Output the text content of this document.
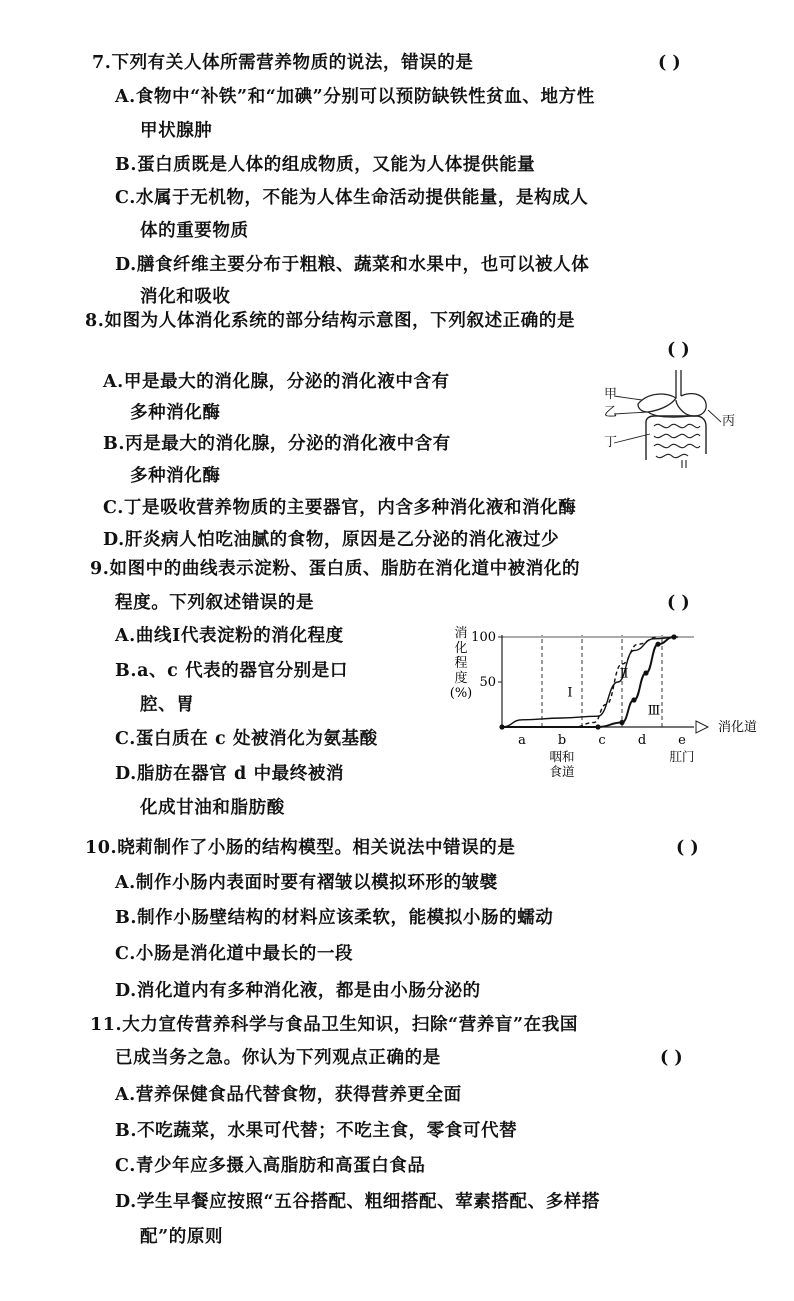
7.下列有关人体所需营养物质的说法，错误的是	( )
A.食物中“补铁”和“加碘”分别可以预防缺铁性贫血、地方性
甲状腺肿
B.蛋白质既是人体的组成物质，又能为人体提供能量
C.水属于无机物，不能为人体生命活动提供能量，是构成人
体的重要物质
D.膳食纤维主要分布于粗粮、蔬菜和水果中，也可以被人体
消化和吸收
8.如图为人体消化系统的部分结构示意图，下列叙述正确的是
( )
A.甲是最大的消化腺，分泌的消化液中含有
多种消化酶
B.丙是最大的消化腺，分泌的消化液中含有
多种消化酶
C.丁是吸收营养物质的主要器官，内含多种消化液和消化酶
D.肝炎病人怕吃油腻的食物，原因是乙分泌的消化液过少
甲
乙
丙
丁
9.如图中的曲线表示淀粉、蛋白质、脂肪在消化道中被消化的
程度。下列叙述错误的是	( )
A.曲线Ⅰ代表淀粉的消化程度
B.a、c 代表的器官分别是口
腔、胃
C.蛋白质在 c 处被消化为氨基酸
D.脂肪在器官 d 中最终被消
化成甘油和脂肪酸
消化程度(%)
50
100
a b
咽和食道
c d e
肛门
消化道
Ⅰ
Ⅱ
Ⅲ
10.晓莉制作了小肠的结构模型。相关说法中错误的是	( )
A.制作小肠内表面时要有褶皱以模拟环形的皱襞
B.制作小肠壁结构的材料应该柔软，能模拟小肠的蠕动
C.小肠是消化道中最长的一段
D.消化道内有多种消化液，都是由小肠分泌的
11.大力宣传营养科学与食品卫生知识，扫除“营养盲”在我国
已成当务之急。你认为下列观点正确的是	( )
A.营养保健食品代替食物，获得营养更全面
B.不吃蔬菜，水果可代替；不吃主食，零食可代替
C.青少年应多摄入高脂肪和高蛋白食品
D.学生早餐应按照“五谷搭配、粗细搭配、荤素搭配、多样搭
配”的原则
